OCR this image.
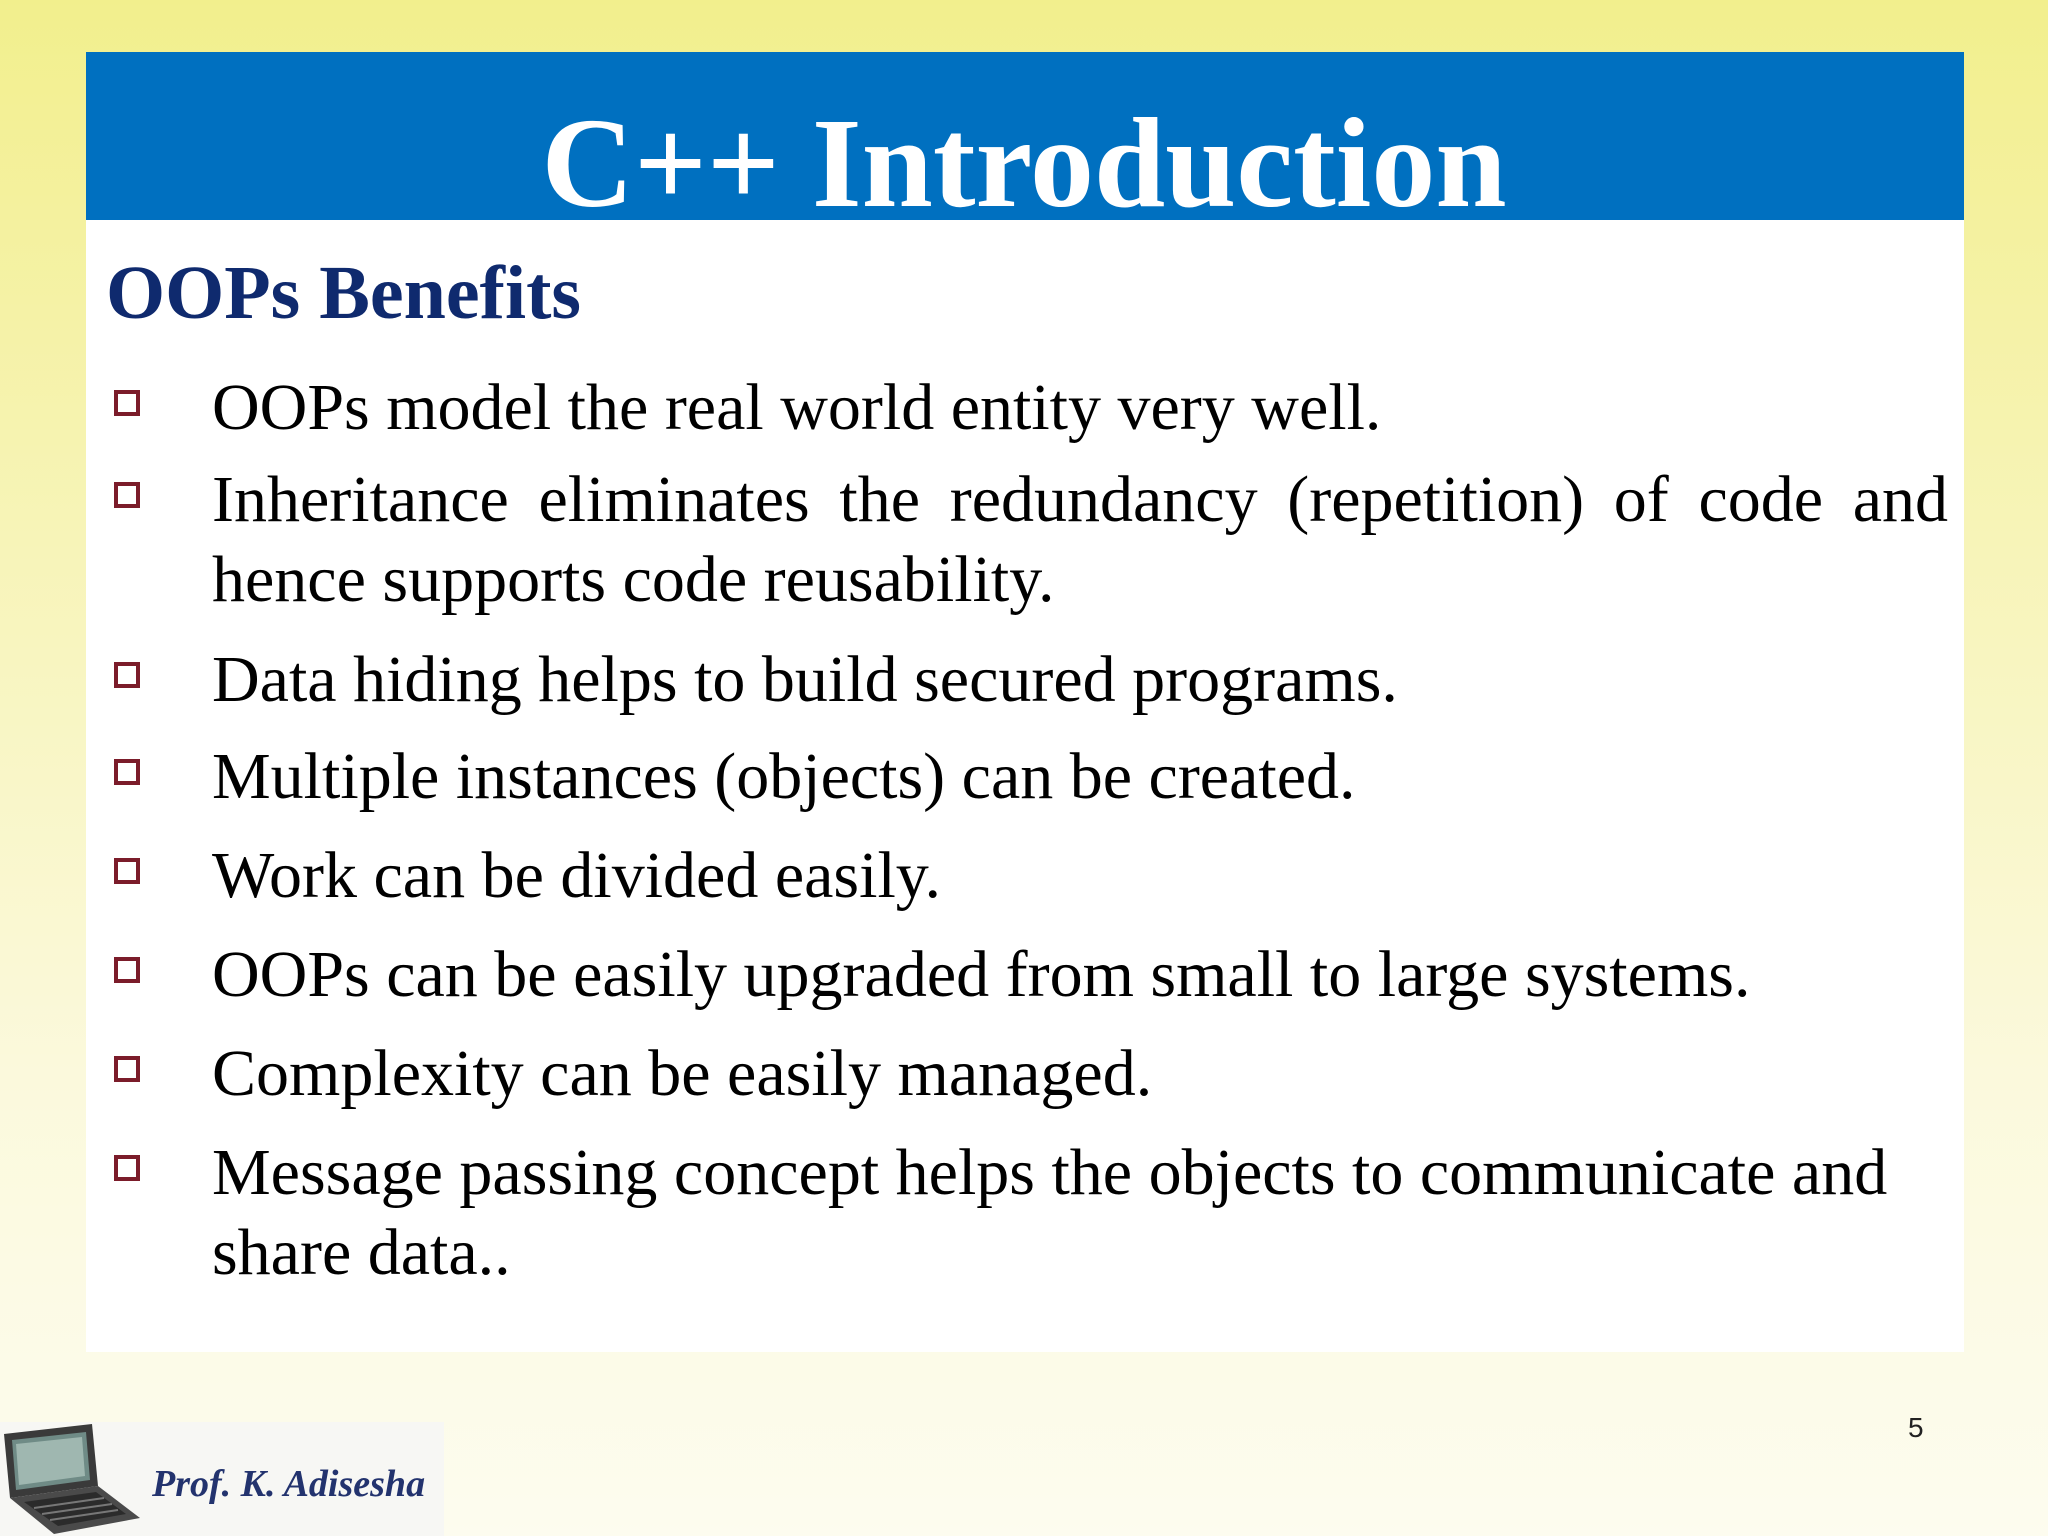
C++ Introduction
OOPs Benefits
OOPs model the real world entity very well.
Inheritance eliminates the redundancy (repetition) of code and hence supports code reusability.
Data hiding helps to build secured programs.
Multiple instances (objects) can be created.
Work can be divided easily.
OOPs can be easily upgraded from small to large systems.
Complexity can be easily managed.
Message passing concept helps the objects to communicate and share data..
5
Prof. K. Adisesha
